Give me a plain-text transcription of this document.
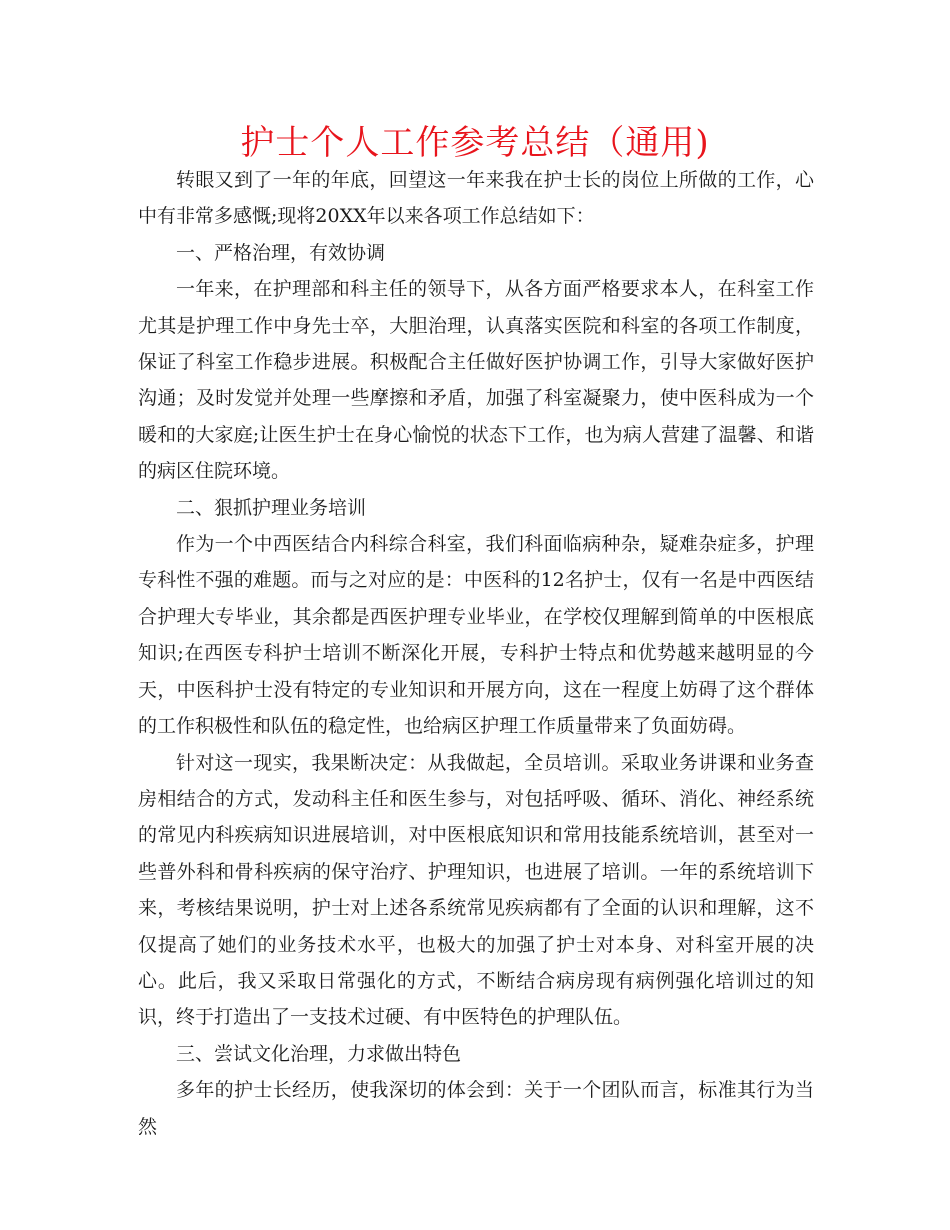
护士个人工作参考总结（通用)

转眼又到了一年的年底，回望这一年来我在护士长的岗位上所做的工作，心中有非常多感慨;现将20XX年以来各项工作总结如下：

一、严格治理，有效协调

一年来，在护理部和科主任的领导下，从各方面严格要求本人，在科室工作尤其是护理工作中身先士卒，大胆治理，认真落实医院和科室的各项工作制度，保证了科室工作稳步进展。积极配合主任做好医护协调工作，引导大家做好医护沟通；及时发觉并处理一些摩擦和矛盾，加强了科室凝聚力，使中医科成为一个暖和的大家庭;让医生护士在身心愉悦的状态下工作，也为病人营建了温馨、和谐的病区住院环境。

二、狠抓护理业务培训

作为一个中西医结合内科综合科室，我们科面临病种杂，疑难杂症多，护理专科性不强的难题。而与之对应的是：中医科的12名护士，仅有一名是中西医结合护理大专毕业，其余都是西医护理专业毕业，在学校仅理解到简单的中医根底知识;在西医专科护士培训不断深化开展，专科护士特点和优势越来越明显的今天，中医科护士没有特定的专业知识和开展方向，这在一程度上妨碍了这个群体的工作积极性和队伍的稳定性，也给病区护理工作质量带来了负面妨碍。

针对这一现实，我果断决定：从我做起，全员培训。采取业务讲课和业务查房相结合的方式，发动科主任和医生参与，对包括呼吸、循环、消化、神经系统的常见内科疾病知识进展培训，对中医根底知识和常用技能系统培训，甚至对一些普外科和骨科疾病的保守治疗、护理知识，也进展了培训。一年的系统培训下来，考核结果说明，护士对上述各系统常见疾病都有了全面的认识和理解，这不仅提高了她们的业务技术水平，也极大的加强了护士对本身、对科室开展的决心。此后，我又采取日常强化的方式，不断结合病房现有病例强化培训过的知识，终于打造出了一支技术过硬、有中医特色的护理队伍。

三、尝试文化治理，力求做出特色

多年的护士长经历，使我深切的体会到：关于一个团队而言，标准其行为当然
